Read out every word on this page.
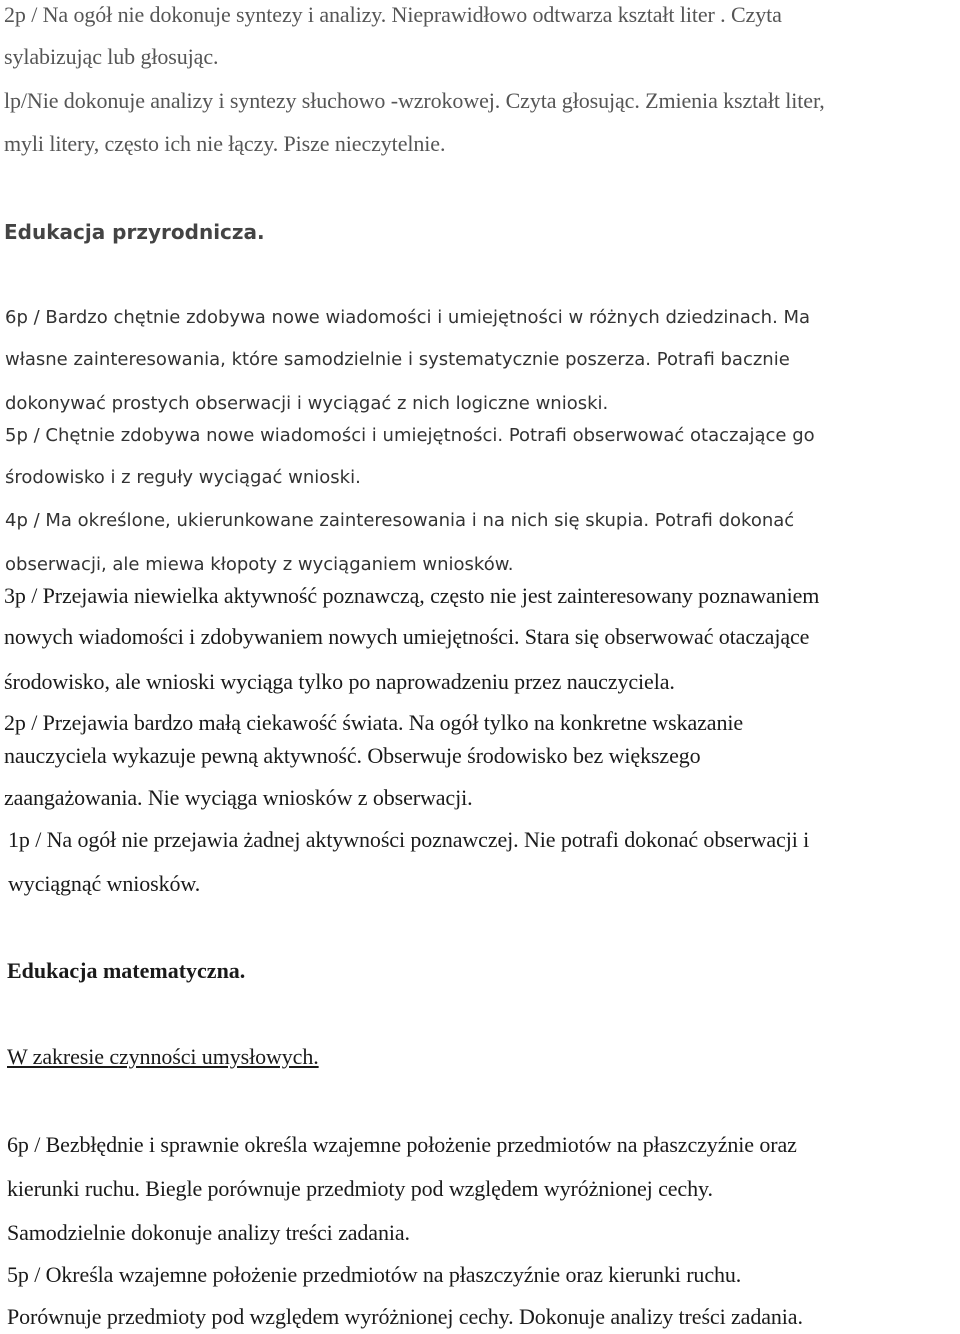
2p / Na ogół nie dokonuje syntezy i analizy. Nieprawidłowo odtwarza kształt liter . Czyta

sylabizując lub głosując.

lp/Nie dokonuje analizy i syntezy słuchowo -wzrokowej. Czyta głosując. Zmienia kształt liter,

myli litery, często ich nie łączy. Pisze nieczytelnie.

Edukacja przyrodnicza.

6p / Bardzo chętnie zdobywa nowe wiadomości i umiejętności w różnych dziedzinach. Ma

własne zainteresowania, które samodzielnie i systematycznie poszerza. Potrafi bacznie

dokonywać prostych obserwacji i wyciągać z nich logiczne wnioski.

5p / Chętnie zdobywa nowe wiadomości i umiejętności. Potrafi obserwować otaczające go

środowisko i z reguły wyciągać wnioski.

4p / Ma określone, ukierunkowane zainteresowania i na nich się skupia. Potrafi dokonać

obserwacji, ale miewa kłopoty z wyciąganiem wniosków.

3p / Przejawia niewielka aktywność poznawczą, często nie jest zainteresowany poznawaniem

nowych wiadomości i zdobywaniem nowych umiejętności. Stara się obserwować otaczające

środowisko, ale wnioski wyciąga tylko po naprowadzeniu przez nauczyciela.

2p / Przejawia bardzo małą ciekawość świata. Na ogół tylko na konkretne wskazanie

nauczyciela wykazuje pewną aktywność. Obserwuje środowisko bez większego

zaangażowania. Nie wyciąga wniosków z obserwacji.

1p / Na ogół nie przejawia żadnej aktywności poznawczej. Nie potrafi dokonać obserwacji i

wyciągnąć wniosków.

Edukacja matematyczna.

W zakresie czynności umysłowych.

6p / Bezbłędnie i sprawnie określa wzajemne położenie przedmiotów na płaszczyźnie oraz

kierunki ruchu. Biegle porównuje przedmioty pod względem wyróżnionej cechy.

Samodzielnie dokonuje analizy treści zadania.

5p / Określa wzajemne położenie przedmiotów na płaszczyźnie oraz kierunki ruchu.

Porównuje przedmioty pod względem wyróżnionej cechy. Dokonuje analizy treści zadania.
